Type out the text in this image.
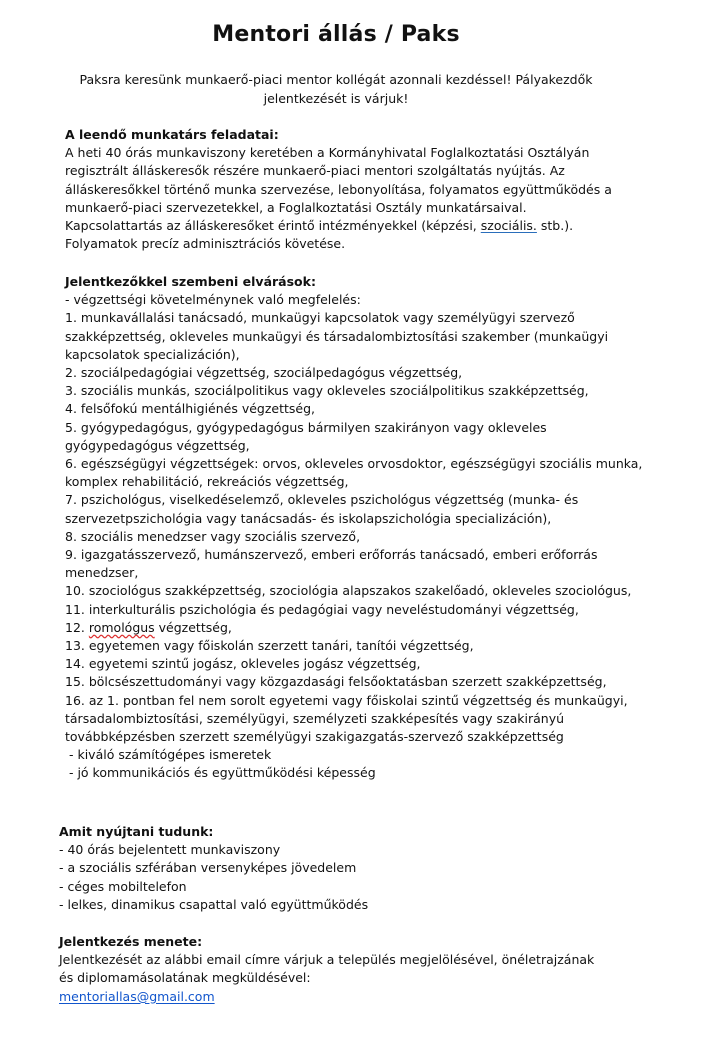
Mentori állás / Paks
Paksra keresünk munkaerő-piaci mentor kollégát azonnali kezdéssel! Pályakezdők jelentkezését is várjuk!
A leendő munkatárs feladatai:
A heti 40 órás munkaviszony keretében a Kormányhivatal Foglalkoztatási Osztályán regisztrált álláskeresők részére munkaerő-piaci mentori szolgáltatás nyújtás. Az álláskeresőkkel történő munka szervezése, lebonyolítása, folyamatos együttműködés a munkaerő-piaci szervezetekkel, a Foglalkoztatási Osztály munkatársaival. Kapcsolattartás az álláskeresőket érintő intézményekkel (képzési, szociális. stb.). Folyamatok precíz adminisztrációs követése.
Jelentkezőkkel szembeni elvárások:
- végzettségi követelménynek való megfelelés:
1. munkavállalási tanácsadó, munkaügyi kapcsolatok vagy személyügyi szervező szakképzettség, okleveles munkaügyi és társadalombiztosítási szakember (munkaügyi kapcsolatok specializáción),
2. szociálpedagógiai végzettség, szociálpedagógus végzettség,
3. szociális munkás, szociálpolitikus vagy okleveles szociálpolitikus szakképzettség,
4. felsőfokú mentálhigiénés végzettség,
5. gyógypedagógus, gyógypedagógus bármilyen szakirányon vagy okleveles gyógypedagógus végzettség,
6. egészségügyi végzettségek: orvos, okleveles orvosdoktor, egészségügyi szociális munka, komplex rehabilitáció, rekreációs végzettség,
7. pszichológus, viselkedéselemző, okleveles pszichológus végzettség (munka- és szervezetpszichológia vagy tanácsadás- és iskolapszichológia specializáción),
8. szociális menedzser vagy szociális szervező,
9. igazgatásszervező, humánszervező, emberi erőforrás tanácsadó, emberi erőforrás menedzser,
10. szociológus szakképzettség, szociológia alapszakos szakelőadó, okleveles szociológus,
11. interkulturális pszichológia és pedagógiai vagy neveléstudományi végzettség,
12. romológus végzettség,
13. egyetemen vagy főiskolán szerzett tanári, tanítói végzettség,
14. egyetemi szintű jogász, okleveles jogász végzettség,
15. bölcsészettudományi vagy közgazdasági felsőoktatásban szerzett szakképzettség,
16. az 1. pontban fel nem sorolt egyetemi vagy főiskolai szintű végzettség és munkaügyi, társadalombiztosítási, személyügyi, személyzeti szakképesítés vagy szakirányú továbbképzésben szerzett személyügyi szakigazgatás-szervező szakképzettség
- kiváló számítógépes ismeretek
- jó kommunikációs és együttműködési képesség
Amit nyújtani tudunk:
- 40 órás bejelentett munkaviszony
- a szociális szférában versenyképes jövedelem
- céges mobiltelefon
- lelkes, dinamikus csapattal való együttműködés
Jelentkezés menete:
Jelentkezését az alábbi email címre várjuk a település megjelölésével, önéletrajzának és diplomamásolatának megküldésével:
mentoriallas@gmail.com
